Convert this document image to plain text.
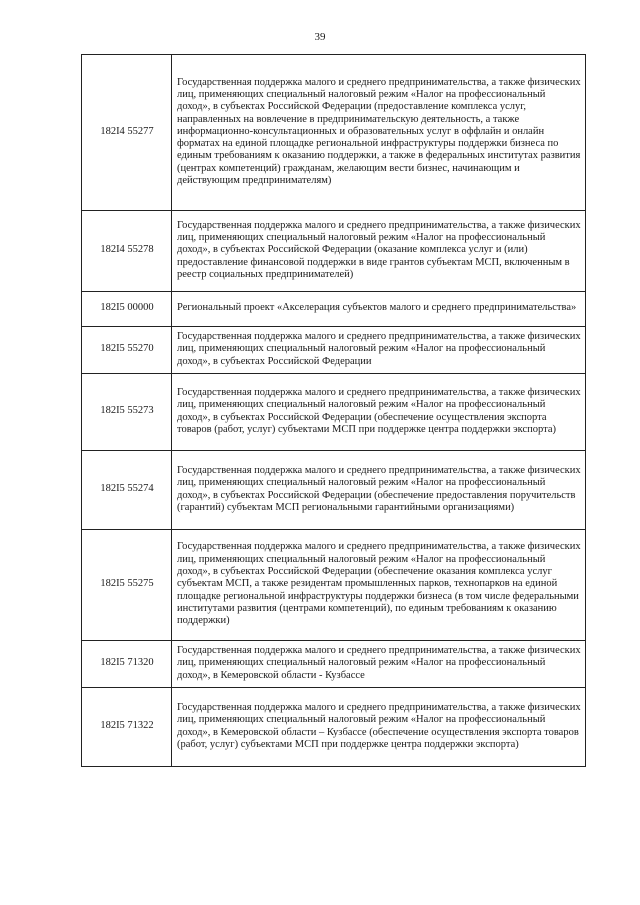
39
182I4 55277	Государственная поддержка малого и среднего предпринимательства, а также физических лиц, применяющих специальный налоговый режим «Налог на профессиональный доход», в субъектах Российской Федерации (предоставление комплекса услуг, направленных на вовлечение в предпринимательскую деятельность, а также информационно-консультационных и образовательных услуг в оффлайн и онлайн форматах на единой площадке региональной инфраструктуры поддержки бизнеса по единым требованиям к оказанию поддержки, а также в федеральных институтах развития (центрах компетенций) гражданам, желающим вести бизнес, начинающим и действующим предпринимателям)
182I4 55278	Государственная поддержка малого и среднего предпринимательства, а также физических лиц, применяющих специальный налоговый режим «Налог на профессиональный доход», в субъектах Российской Федерации (оказание комплекса услуг и (или) предоставление финансовой поддержки в виде грантов субъектам МСП, включенным в реестр социальных предпринимателей)
182I5 00000	Региональный проект «Акселерация субъектов малого и среднего предпринимательства»
182I5 55270	Государственная поддержка малого и среднего предпринимательства, а также физических лиц, применяющих специальный налоговый режим «Налог на профессиональный доход», в субъектах Российской Федерации
182I5 55273	Государственная поддержка малого и среднего предпринимательства, а также физических лиц, применяющих специальный налоговый режим «Налог на профессиональный доход», в субъектах Российской Федерации (обеспечение осуществления экспорта товаров (работ, услуг) субъектами МСП при поддержке центра поддержки экспорта)
182I5 55274	Государственная поддержка малого и среднего предпринимательства, а также физических лиц, применяющих специальный налоговый режим «Налог на профессиональный доход», в субъектах Российской Федерации (обеспечение предоставления поручительств (гарантий) субъектам МСП региональными гарантийными организациями)
182I5 55275	Государственная поддержка малого и среднего предпринимательства, а также физических лиц, применяющих специальный налоговый режим «Налог на профессиональный доход», в субъектах Российской Федерации (обеспечение оказания комплекса услуг субъектам МСП, а также резидентам промышленных парков, технопарков на единой площадке региональной инфраструктуры поддержки бизнеса (в том числе федеральными институтами развития (центрами компетенций), по единым требованиям к оказанию поддержки)
182I5 71320	Государственная поддержка малого и среднего предпринимательства, а также физических лиц, применяющих специальный налоговый режим «Налог на профессиональный доход», в Кемеровской области - Кузбассе
182I5 71322	Государственная поддержка малого и среднего предпринимательства, а также физических лиц, применяющих специальный налоговый режим «Налог на профессиональный доход», в Кемеровской области – Кузбассе (обеспечение осуществления экспорта товаров (работ, услуг) субъектами МСП при поддержке центра поддержки экспорта)
